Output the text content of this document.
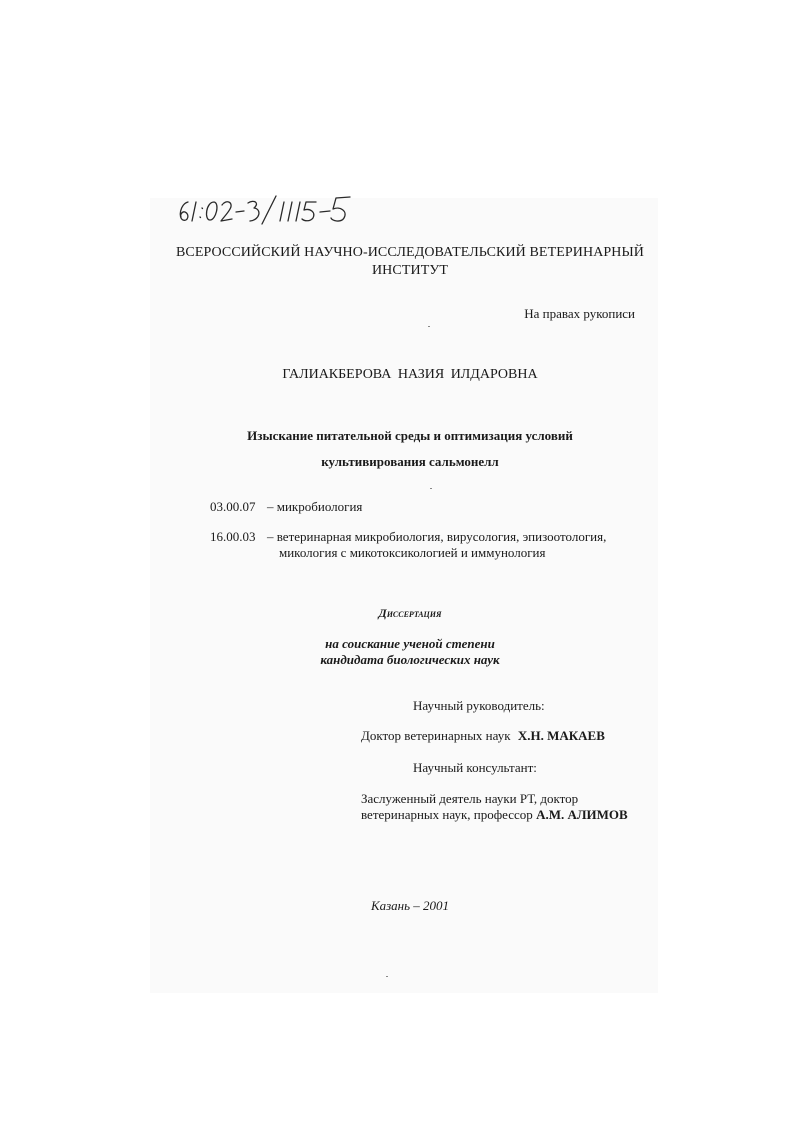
ВСЕРОССИЙСКИЙ НАУЧНО-ИССЛЕДОВАТЕЛЬСКИЙ ВЕТЕРИНАРНЫЙ
ИНСТИТУТ
На правах рукописи
ГАЛИАКБЕРОВА НАЗИЯ ИЛДАРОВНА
Изыскание питательной среды и оптимизация условий
культивирования сальмонелл
03.00.07 – микробиология
16.00.03 – ветеринарная микробиология, вирусология, эпизоотология,
микология с микотоксикологией и иммунология
Диссертация
на соискание ученой степени
кандидата биологических наук
Научный руководитель:
Доктор ветеринарных наук Х.Н. МАКАЕВ
Научный консультант:
Заслуженный деятель науки РТ, доктор
ветеринарных наук, профессор А.М. АЛИМОВ
Казань – 2001
